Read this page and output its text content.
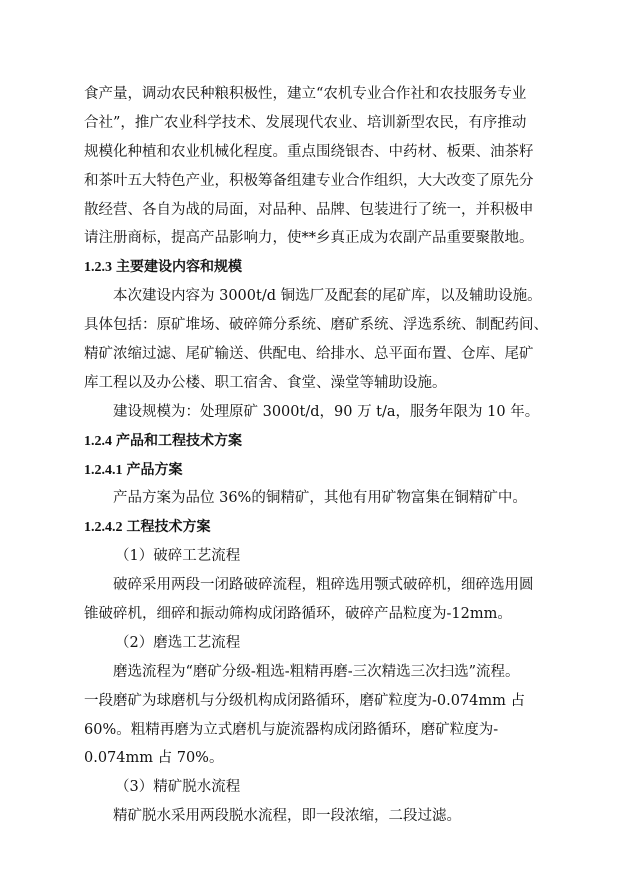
食产量，调动农民种粮积极性，建立“农机专业合作社和农技服务专业

合社”，推广农业科学技术、发展现代农业、培训新型农民，有序推动

规模化种植和农业机械化程度。重点围绕银杏、中药材、板栗、油茶籽

和茶叶五大特色产业，积极筹备组建专业合作组织，大大改变了原先分

散经营、各自为战的局面，对品种、品牌、包装进行了统一，并积极申

请注册商标，提高产品影响力，使**乡真正成为农副产品重要聚散地。

1.2.3 主要建设内容和规模

本次建设内容为 3000t/d 铜选厂及配套的尾矿库，以及辅助设施。

具体包括：原矿堆场、破碎筛分系统、磨矿系统、浮选系统、制配药间、

精矿浓缩过滤、尾矿输送、供配电、给排水、总平面布置、仓库、尾矿

库工程以及办公楼、职工宿舍、食堂、澡堂等辅助设施。

建设规模为：处理原矿 3000t/d，90 万 t/a，服务年限为 10 年。

1.2.4 产品和工程技术方案

1.2.4.1 产品方案

产品方案为品位 36%的铜精矿，其他有用矿物富集在铜精矿中。

1.2.4.2 工程技术方案

（1）破碎工艺流程

破碎采用两段一闭路破碎流程，粗碎选用颚式破碎机，细碎选用圆

锥破碎机，细碎和振动筛构成闭路循环，破碎产品粒度为-12mm。

（2）磨选工艺流程

磨选流程为“磨矿分级-粗选-粗精再磨-三次精选三次扫选”流程。

一段磨矿为球磨机与分级机构成闭路循环，磨矿粒度为-0.074mm 占

60%。粗精再磨为立式磨机与旋流器构成闭路循环，磨矿粒度为-

0.074mm 占 70%。

（3）精矿脱水流程

精矿脱水采用两段脱水流程，即一段浓缩，二段过滤。
